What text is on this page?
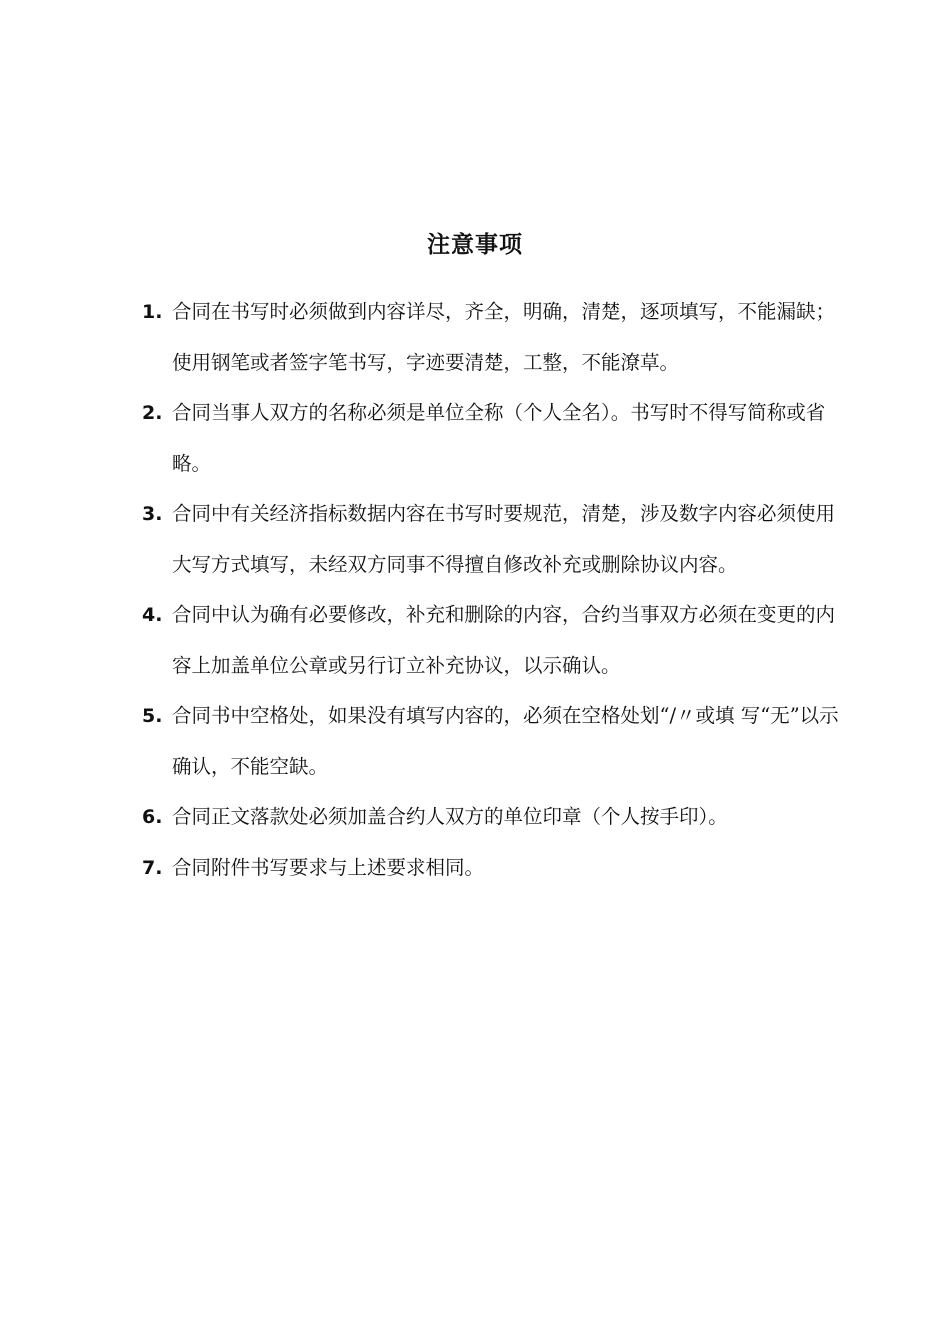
注意事项
1. 合同在书写时必须做到内容详尽，齐全，明确，清楚，逐项填写，不能漏缺；使用钢笔或者签字笔书写，字迹要清楚，工整，不能潦草。
2. 合同当事人双方的名称必须是单位全称（个人全名）。书写时不得写简称或省略。
3. 合同中有关经济指标数据内容在书写时要规范，清楚，涉及数字内容必须使用大写方式填写，未经双方同事不得擅自修改补充或删除协议内容。
4. 合同中认为确有必要修改，补充和删除的内容，合约当事双方必须在变更的内容上加盖单位公章或另行订立补充协议，以示确认。
5. 合同书中空格处，如果没有填写内容的，必须在空格处划“/〃或填 写“无”以示确认，不能空缺。
6. 合同正文落款处必须加盖合约人双方的单位印章（个人按手印）。
7. 合同附件书写要求与上述要求相同。
